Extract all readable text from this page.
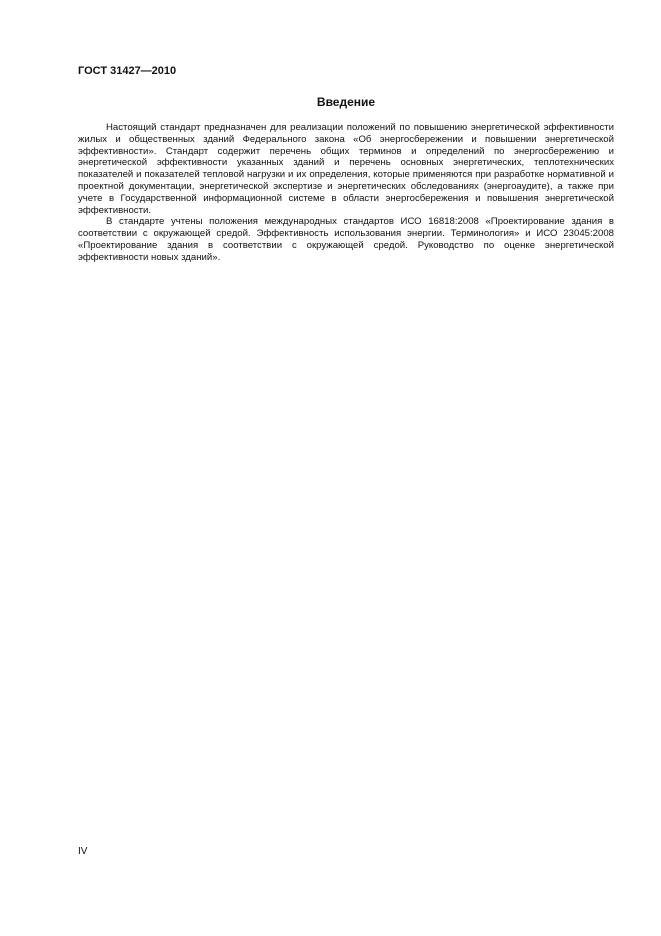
ГОСТ 31427—2010
Введение

Настоящий стандарт предназначен для реализации положений по повышению энергетической эффективности жилых и общественных зданий Федерального закона «Об энергосбережении и повышении энергетической эффективности». Стандарт содержит перечень общих терминов и определений по энергосбережению и энергетической эффективности указанных зданий и перечень основных энергетических, теплотехнических показателей и показателей тепловой нагрузки и их определения, которые применяются при разработке нормативной и проектной документации, энергетической экспертизе и энергетических обследованиях (энергоаудите), а также при учете в Государственной информационной системе в области энергосбережения и повышения энергетической эффективности.

В стандарте учтены положения международных стандартов ИСО 16818:2008 «Проектирование здания в соответствии с окружающей средой. Эффективность использования энергии. Терминология» и ИСО 23045:2008 «Проектирование здания в соответствии с окружающей средой. Руководство по оценке энергетической эффективности новых зданий».

IV
